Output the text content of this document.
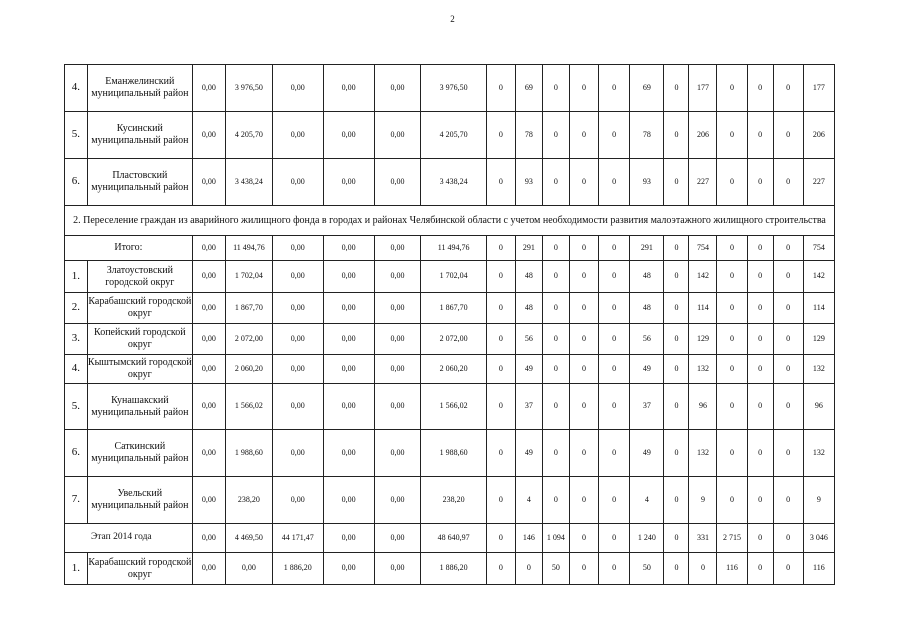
2
4.	Еманжелинский муниципальный район	0,00	3 976,50	0,00	0,00	0,00	3 976,50	0	69	0	0	0	69	0	177	0	0	0	177
5.	Кусинский муниципальный район	0,00	4 205,70	0,00	0,00	0,00	4 205,70	0	78	0	0	0	78	0	206	0	0	0	206
6.	Пластовский муниципальный район	0,00	3 438,24	0,00	0,00	0,00	3 438,24	0	93	0	0	0	93	0	227	0	0	0	227
2. Переселение граждан из аварийного жилищного фонда в городах и районах Челябинской области с учетом необходимости развития малоэтажного жилищного строительства																			
Итого:		0,00	11 494,76	0,00	0,00	0,00	11 494,76	0	291	0	0	0	291	0	754	0	0	0	754
1.	Златоустовский городской округ	0,00	1 702,04	0,00	0,00	0,00	1 702,04	0	48	0	0	0	48	0	142	0	0	0	142
2.	Карабашский городской округ	0,00	1 867,70	0,00	0,00	0,00	1 867,70	0	48	0	0	0	48	0	114	0	0	0	114
3.	Копейский городской округ	0,00	2 072,00	0,00	0,00	0,00	2 072,00	0	56	0	0	0	56	0	129	0	0	0	129
4.	Кыштымский городской округ	0,00	2 060,20	0,00	0,00	0,00	2 060,20	0	49	0	0	0	49	0	132	0	0	0	132
5.	Кунашакский муниципальный район	0,00	1 566,02	0,00	0,00	0,00	1 566,02	0	37	0	0	0	37	0	96	0	0	0	96
6.	Саткинский муниципальный район	0,00	1 988,60	0,00	0,00	0,00	1 988,60	0	49	0	0	0	49	0	132	0	0	0	132
7.	Увельский муниципальный район	0,00	238,20	0,00	0,00	0,00	238,20	0	4	0	0	0	4	0	9	0	0	0	9
Этап 2014 года		0,00	4 469,50	44 171,47	0,00	0,00	48 640,97	0	146	1 094	0	0	1 240	0	331	2 715	0	0	3 046
1.	Карабашский городской округ	0,00	0,00	1 886,20	0,00	0,00	1 886,20	0	0	50	0	0	50	0	0	116	0	0	116
